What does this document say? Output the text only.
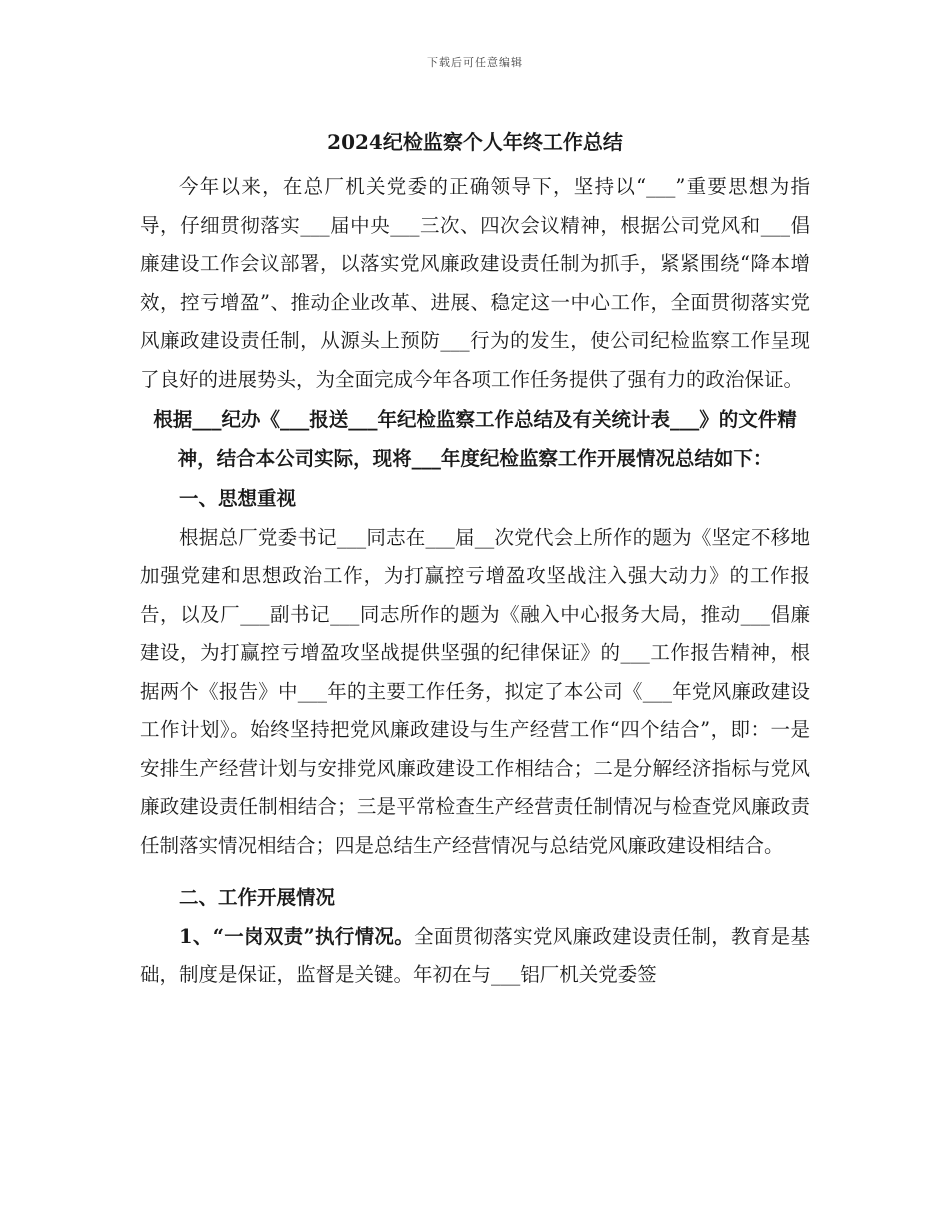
下载后可任意编辑
2024纪检监察个人年终工作总结

今年以来，在总厂机关党委的正确领导下，坚持以“___”重要思想为指导，仔细贯彻落实___届中央___三次、四次会议精神，根据公司党风和___倡廉建设工作会议部署，以落实党风廉政建设责任制为抓手，紧紧围绕“降本增效，控亏增盈”、推动企业改革、进展、稳定这一中心工作，全面贯彻落实党风廉政建设责任制，从源头上预防___行为的发生，使公司纪检监察工作呈现了良好的进展势头，为全面完成今年各项工作任务提供了强有力的政治保证。

根据___纪办《___报送___年纪检监察工作总结及有关统计表___》的文件精神，结合本公司实际，现将___年度纪检监察工作开展情况总结如下：

一、思想重视

根据总厂党委书记___同志在___届__次党代会上所作的题为《坚定不移地加强党建和思想政治工作，为打赢控亏增盈攻坚战注入强大动力》的工作报告，以及厂___副书记___同志所作的题为《融入中心报务大局，推动___倡廉建设，为打赢控亏增盈攻坚战提供坚强的纪律保证》的___工作报告精神，根据两个《报告》中___年的主要工作任务，拟定了本公司《___年党风廉政建设工作计划》。始终坚持把党风廉政建设与生产经营工作“四个结合”，即：一是安排生产经营计划与安排党风廉政建设工作相结合；二是分解经济指标与党风廉政建设责任制相结合；三是平常检查生产经营责任制情况与检查党风廉政责任制落实情况相结合；四是总结生产经营情况与总结党风廉政建设相结合。

二、工作开展情况

1、“一岗双责”执行情况。全面贯彻落实党风廉政建设责任制，教育是基础，制度是保证，监督是关键。年初在与___铝厂机关党委签
